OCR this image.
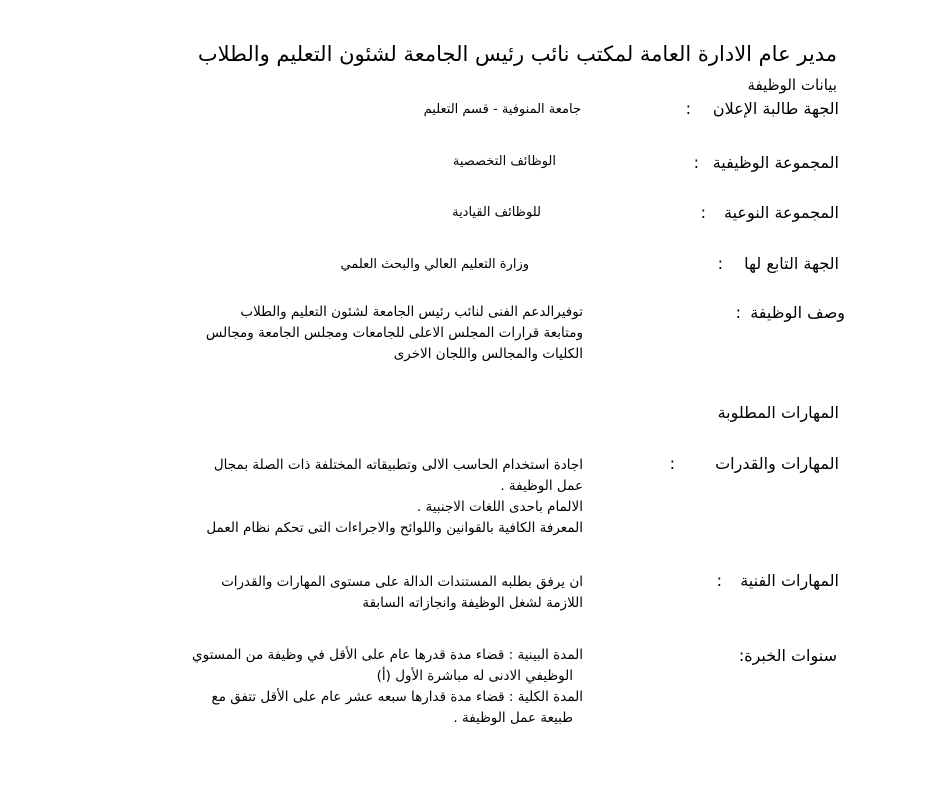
مدير عام الادارة العامة لمكتب نائب رئيس الجامعة لشئون التعليم والطلاب
بيانات الوظيفة
الجهة طالبة الإعلان
:
جامعة المنوفية - قسم التعليم
المجموعة الوظيفية
:
الوظائف التخصصية
المجموعة النوعية
:
للوظائف القيادية
الجهة التابع لها
:
وزارة التعليم العالي والبحث العلمي
وصف الوظيفة
:
توفيرالدعم الفنى لنائب رئيس الجامعة لشئون التعليم والطلاب
ومتابعة قرارات المجلس الاعلى للجامعات ومجلس الجامعة ومجالس
الكليات والمجالس واللجان الاخرى
المهارات المطلوبة
المهارات والقدرات
:
اجادة استخدام الحاسب الالى وتطبيقاته المختلفة ذات الصلة بمجال
عمل الوظيفة .
الالمام باحدى اللغات الاجنبية .
المعرفة الكافية بالقوانين واللوائح والاجراءات التى تحكم نظام العمل
المهارات الفنية
:
ان يرفق بطلبه المستندات الدالة على مستوى المهارات والقدرات
اللازمة لشغل الوظيفة وانجازاته السابقة
سنوات الخبرة:
المدة البينية : قضاء مدة قدرها عام على الأقل في وظيفة من المستوي
الوظيفي الادنى له مباشرة الأول (أ)
المدة الكلية : قضاء مدة قدارها سبعه عشر عام على الأقل تتفق مع
طبيعة عمل الوظيفة .
